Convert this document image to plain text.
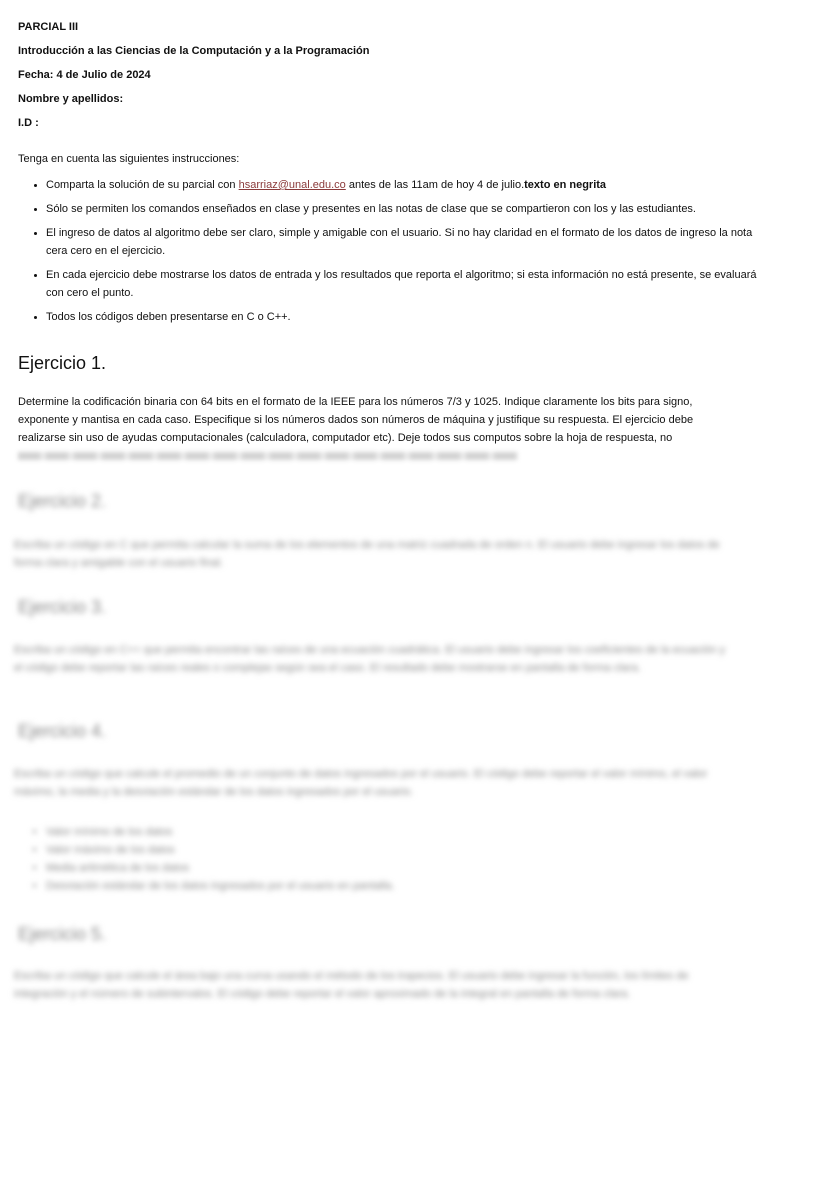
PARCIAL III

Introducción a las Ciencias de la Computación y a la Programación

Fecha: 4 de Julio de 2024

Nombre y apellidos:

I.D :

Tenga en cuenta las siguientes instrucciones:

• Comparta la solución de su parcial con hsarriaz@unal.edu.co antes de las 11am de hoy 4 de julio.texto en negrita
• Sólo se permiten los comandos enseñados en clase y presentes en las notas de clase que se compartieron con los y las estudiantes.
• El ingreso de datos al algoritmo debe ser claro, simple y amigable con el usuario. Si no hay claridad en el formato de los datos de ingreso la nota cera cero en el ejercicio.
• En cada ejercicio debe mostrarse los datos de entrada y los resultados que reporta el algoritmo; si esta información no está presente, se evaluará con cero el punto.
• Todos los códigos deben presentarse en C o C++.
Ejercicio 1.

Determine la codificación binaria con 64 bits en el formato de la IEEE para los números 7/3 y 1025. Indique claramente los bits para signo, exponente y mantisa en cada caso. Especifique si los números dados son números de máquina y justifique su respuesta. El ejercicio debe realizarse sin uso de ayudas computacionales (calculadora, computador etc). Deje todos sus computos sobre la hoja de respuesta, no

Ejercicio 2.

Escriba un código en C que permita calcular la suma de los elementos de una matriz cuadrada de orden n. El usuario debe ingresar los datos de forma clara y amigable con el usuario final.

Ejercicio 3.

Escriba un código en C++ que permita encontrar las raíces de una ecuación cuadrática. El usuario debe ingresar los coeficientes de la ecuación y el código debe reportar las raíces reales o complejas según sea el caso. El resultado debe mostrarse en pantalla de forma clara.

Ejercicio 4.

Escriba un código que calcule el promedio de un conjunto de datos ingresados por el usuario. El código debe reportar el valor mínimo, el valor máximo, la media y la desviación estándar de los datos ingresados por el usuario.

• Valor mínimo de los datos
• Valor máximo de los datos
• Media aritmética de los datos
• Desviación estándar de los datos ingresados por el usuario en pantalla.
Ejercicio 5.

Escriba un código que calcule el área bajo una curva usando el método de los trapecios. El usuario debe ingresar la función, los límites de integración y el número de subintervalos. El código debe reportar el valor aproximado de la integral en pantalla de forma clara.
